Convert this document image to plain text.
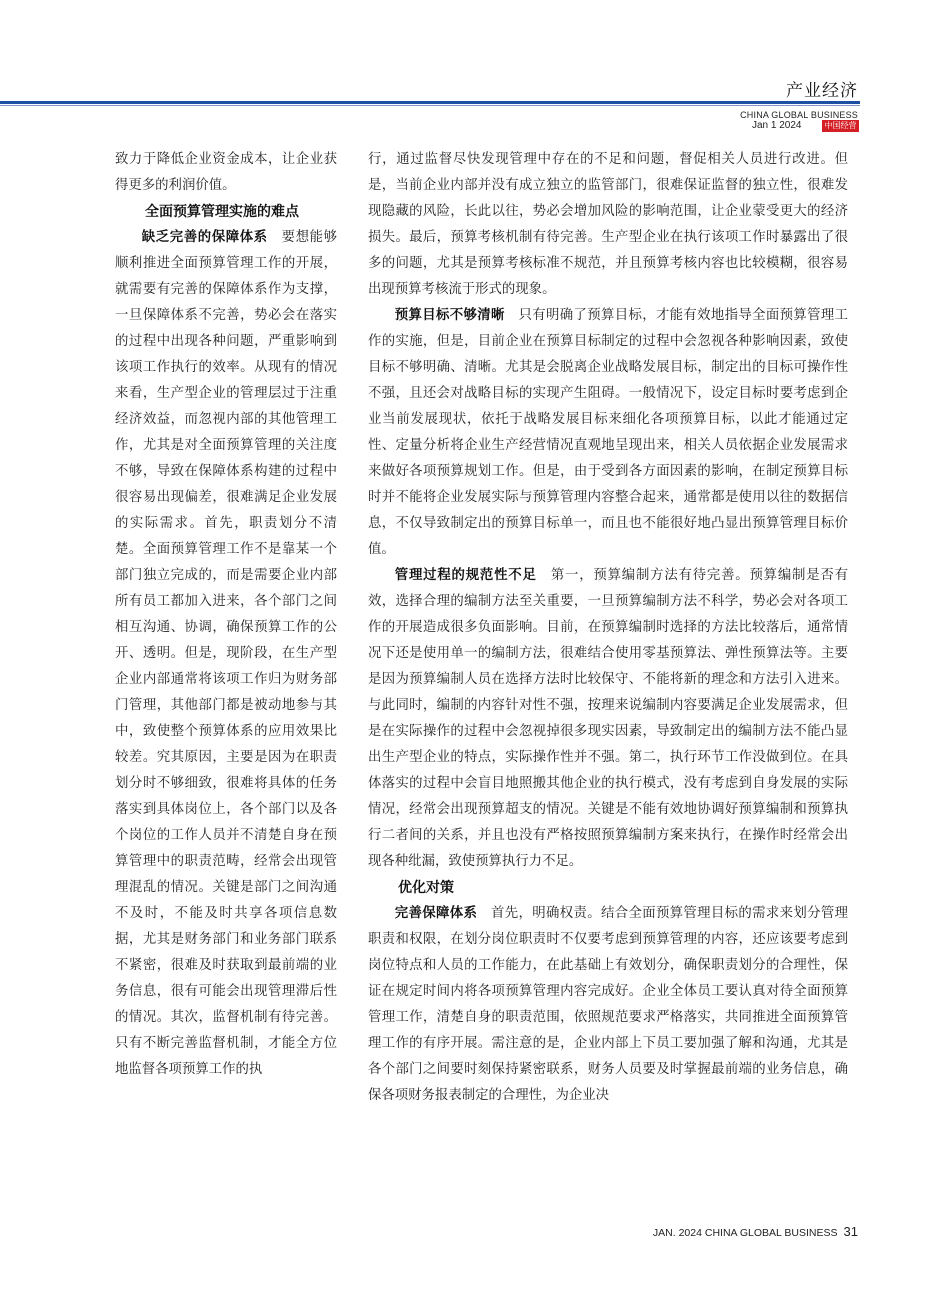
产业经济
CHINA GLOBAL BUSINESS
Jan 1 2024	中国经营

致力于降低企业资金成本，让企业获得更多的利润价值。

全面预算管理实施的难点

缺乏完善的保障体系　要想能够顺利推进全面预算管理工作的开展，就需要有完善的保障体系作为支撑，一旦保障体系不完善，势必会在落实的过程中出现各种问题，严重影响到该项工作执行的效率。从现有的情况来看，生产型企业的管理层过于注重经济效益，而忽视内部的其他管理工作，尤其是对全面预算管理的关注度不够，导致在保障体系构建的过程中很容易出现偏差，很难满足企业发展的实际需求。首先，职责划分不清楚。全面预算管理工作不是靠某一个部门独立完成的，而是需要企业内部所有员工都加入进来，各个部门之间相互沟通、协调，确保预算工作的公开、透明。但是，现阶段，在生产型企业内部通常将该项工作归为财务部门管理，其他部门都是被动地参与其中，致使整个预算体系的应用效果比较差。究其原因，主要是因为在职责划分时不够细致，很难将具体的任务落实到具体岗位上，各个部门以及各个岗位的工作人员并不清楚自身在预算管理中的职责范畴，经常会出现管理混乱的情况。关键是部门之间沟通不及时，不能及时共享各项信息数据，尤其是财务部门和业务部门联系不紧密，很难及时获取到最前端的业务信息，很有可能会出现管理滞后性的情况。其次，监督机制有待完善。只有不断完善监督机制，才能全方位地监督各项预算工作的执

行，通过监督尽快发现管理中存在的不足和问题，督促相关人员进行改进。但是，当前企业内部并没有成立独立的监管部门，很难保证监督的独立性，很难发现隐藏的风险，长此以往，势必会增加风险的影响范围，让企业蒙受更大的经济损失。最后，预算考核机制有待完善。生产型企业在执行该项工作时暴露出了很多的问题，尤其是预算考核标准不规范，并且预算考核内容也比较模糊，很容易出现预算考核流于形式的现象。

预算目标不够清晰　只有明确了预算目标，才能有效地指导全面预算管理工作的实施，但是，目前企业在预算目标制定的过程中会忽视各种影响因素，致使目标不够明确、清晰。尤其是会脱离企业战略发展目标，制定出的目标可操作性不强，且还会对战略目标的实现产生阻碍。一般情况下，设定目标时要考虑到企业当前发展现状，依托于战略发展目标来细化各项预算目标，以此才能通过定性、定量分析将企业生产经营情况直观地呈现出来，相关人员依据企业发展需求来做好各项预算规划工作。但是，由于受到各方面因素的影响，在制定预算目标时并不能将企业发展实际与预算管理内容整合起来，通常都是使用以往的数据信息，不仅导致制定出的预算目标单一，而且也不能很好地凸显出预算管理目标价值。

管理过程的规范性不足　第一，预算编制方法有待完善。预算编制是否有效，选择合理的编制方法至关重要，一旦预算编制方法不科学，势必会对各项工作的开展造成很多负面影响。目前，在预算编制时选择的方法比较落后，通常情况下还是使用单一的编制方法，很难结合使用零基预算法、弹性预算法等。主要是因为预算编制人员在选择方法时比较保守、不能将新的理念和方法引入进来。与此同时，编制的内容针对性不强，按理来说编制内容要满足企业发展需求，但是在实际操作的过程中会忽视掉很多现实因素，导致制定出的编制方法不能凸显出生产型企业的特点，实际操作性并不强。第二，执行环节工作没做到位。在具体落实的过程中会盲目地照搬其他企业的执行模式，没有考虑到自身发展的实际情况，经常会出现预算超支的情况。关键是不能有效地协调好预算编制和预算执行二者间的关系，并且也没有严格按照预算编制方案来执行，在操作时经常会出现各种纰漏，致使预算执行力不足。

优化对策

完善保障体系　首先，明确权责。结合全面预算管理目标的需求来划分管理职责和权限，在划分岗位职责时不仅要考虑到预算管理的内容，还应该要考虑到岗位特点和人员的工作能力，在此基础上有效划分，确保职责划分的合理性，保证在规定时间内将各项预算管理内容完成好。企业全体员工要认真对待全面预算管理工作，清楚自身的职责范围，依照规范要求严格落实，共同推进全面预算管理工作的有序开展。需注意的是，企业内部上下员工要加强了解和沟通，尤其是各个部门之间要时刻保持紧密联系，财务人员要及时掌握最前端的业务信息，确保各项财务报表制定的合理性，为企业决

JAN. 2024 CHINA GLOBAL BUSINESS 31
